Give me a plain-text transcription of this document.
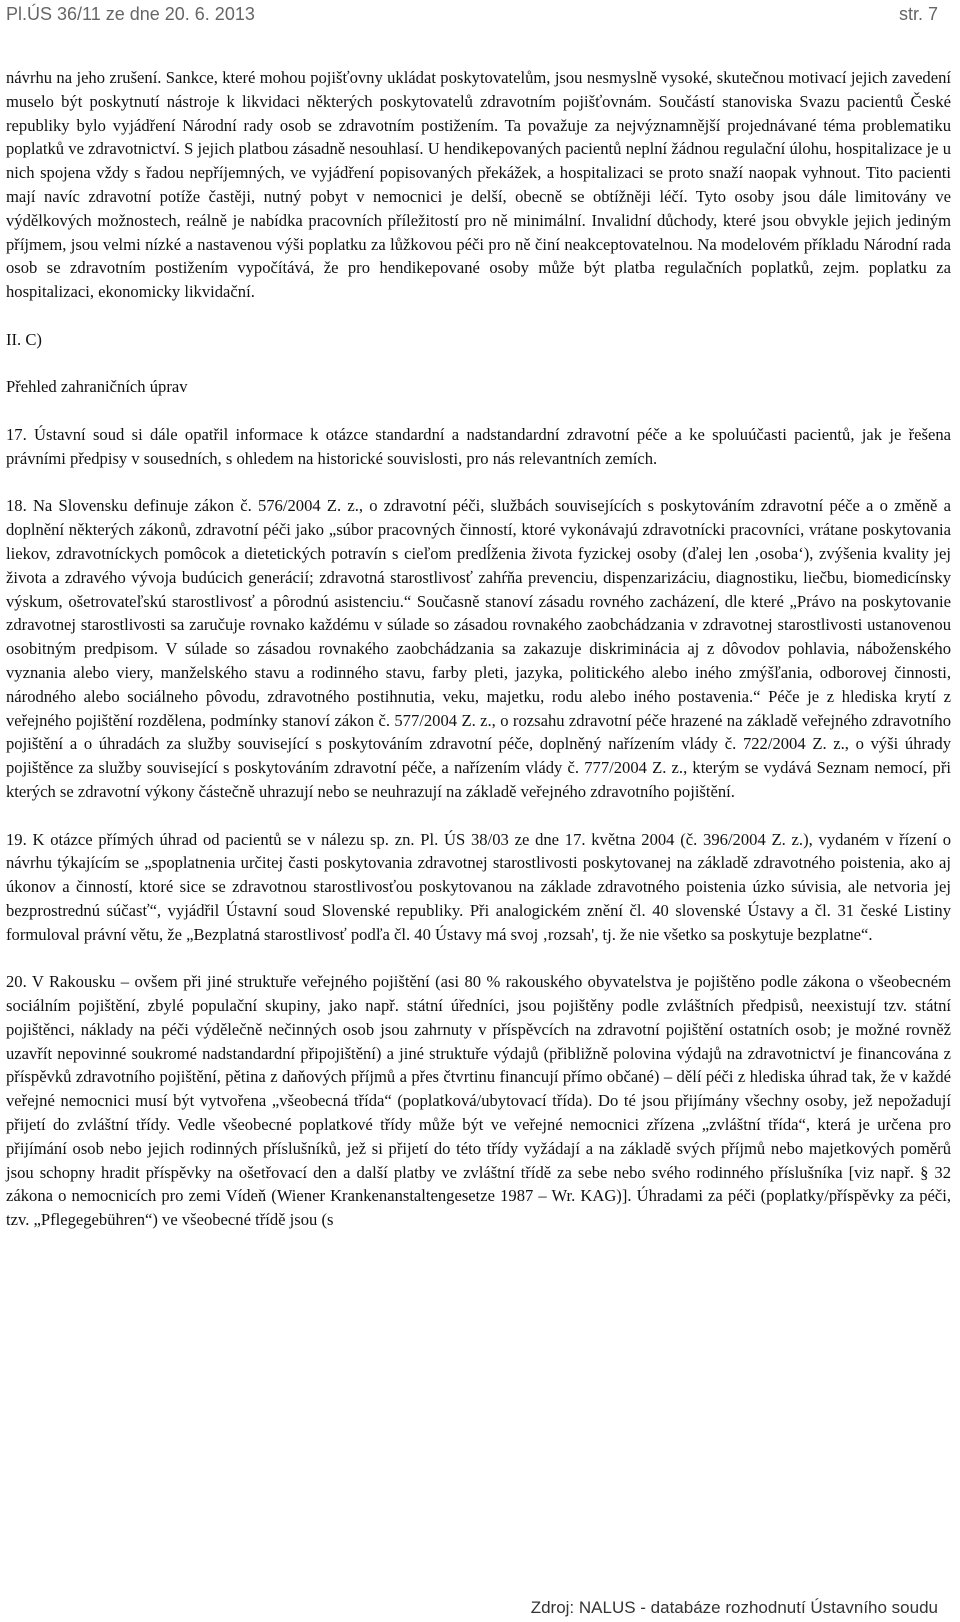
Pl.ÚS 36/11 ze dne 20. 6. 2013	str. 7

návrhu na jeho zrušení. Sankce, které mohou pojišťovny ukládat poskytovatelům, jsou nesmyslně vysoké, skutečnou motivací jejich zavedení muselo být poskytnutí nástroje k likvidaci některých poskytovatelů zdravotním pojišťovnám. Součástí stanoviska Svazu pacientů České republiky bylo vyjádření Národní rady osob se zdravotním postižením. Ta považuje za nejvýznamnější projednávané téma problematiku poplatků ve zdravotnictví. S jejich platbou zásadně nesouhlasí. U hendikepovaných pacientů neplní žádnou regulační úlohu, hospitalizace je u nich spojena vždy s řadou nepříjemných, ve vyjádření popisovaných překážek, a hospitalizaci se proto snaží naopak vyhnout. Tito pacienti mají navíc zdravotní potíže častěji, nutný pobyt v nemocnici je delší, obecně se obtížněji léčí. Tyto osoby jsou dále limitovány ve výdělkových možnostech, reálně je nabídka pracovních příležitostí pro ně minimální. Invalidní důchody, které jsou obvykle jejich jediným příjmem, jsou velmi nízké a nastavenou výši poplatku za lůžkovou péči pro ně činí neakceptovatelnou. Na modelovém příkladu Národní rada osob se zdravotním postižením vypočítává, že pro hendikepované osoby může být platba regulačních poplatků, zejm. poplatku za hospitalizaci, ekonomicky likvidační.

II. C)

Přehled zahraničních úprav

17. Ústavní soud si dále opatřil informace k otázce standardní a nadstandardní zdravotní péče a ke spoluúčasti pacientů, jak je řešena právními předpisy v sousedních, s ohledem na historické souvislosti, pro nás relevantních zemích.

18. Na Slovensku definuje zákon č. 576/2004 Z. z., o zdravotní péči, službách souvisejících s poskytováním zdravotní péče a o změně a doplnění některých zákonů, zdravotní péči jako „súbor pracovných činností, ktoré vykonávajú zdravotnícki pracovníci, vrátane poskytovania liekov, zdravotníckych pomôcok a dietetických potravín s cieľom predĺženia života fyzickej osoby (ďalej len ‚osoba‘), zvýšenia kvality jej života a zdravého vývoja budúcich generácií; zdravotná starostlivosť zahŕňa prevenciu, dispenzarizáciu, diagnostiku, liečbu, biomedicínsky výskum, ošetrovateľskú starostlivosť a pôrodnú asistenciu.“ Současně stanoví zásadu rovného zacházení, dle které „Právo na poskytovanie zdravotnej starostlivosti sa zaručuje rovnako každému v súlade so zásadou rovnakého zaobchádzania v zdravotnej starostlivosti ustanovenou osobitným predpisom. V súlade so zásadou rovnakého zaobchádzania sa zakazuje diskriminácia aj z dôvodov pohlavia, náboženského vyznania alebo viery, manželského stavu a rodinného stavu, farby pleti, jazyka, politického alebo iného zmýšľania, odborovej činnosti, národného alebo sociálneho pôvodu, zdravotného postihnutia, veku, majetku, rodu alebo iného postavenia.“ Péče je z hlediska krytí z veřejného pojištění rozdělena, podmínky stanoví zákon č. 577/2004 Z. z., o rozsahu zdravotní péče hrazené na základě veřejného zdravotního pojištění a o úhradách za služby související s poskytováním zdravotní péče, doplněný nařízením vlády č. 722/2004 Z. z., o výši úhrady pojištěnce za služby související s poskytováním zdravotní péče, a nařízením vlády č. 777/2004 Z. z., kterým se vydává Seznam nemocí, při kterých se zdravotní výkony částečně uhrazují nebo se neuhrazují na základě veřejného zdravotního pojištění.

19. K otázce přímých úhrad od pacientů se v nálezu sp. zn. Pl. ÚS 38/03 ze dne 17. května 2004 (č. 396/2004 Z. z.), vydaném v řízení o návrhu týkajícím se „spoplatnenia určitej časti poskytovania zdravotnej starostlivosti poskytovanej na základě zdravotného poistenia, ako aj úkonov a činností, ktoré sice se zdravotnou starostlivosťou poskytovanou na základe zdravotného poistenia úzko súvisia, ale netvoria jej bezprostrednú súčasť“, vyjádřil Ústavní soud Slovenské republiky. Při analogickém znění čl. 40 slovenské Ústavy a čl. 31 české Listiny formuloval právní větu, že „Bezplatná starostlivosť podľa čl. 40 Ústavy má svoj ‚rozsah', tj. že nie všetko sa poskytuje bezplatne“.

20. V Rakousku – ovšem při jiné struktuře veřejného pojištění (asi 80 % rakouského obyvatelstva je pojištěno podle zákona o všeobecném sociálním pojištění, zbylé populační skupiny, jako např. státní úředníci, jsou pojištěny podle zvláštních předpisů, neexistují tzv. státní pojištěnci, náklady na péči výdělečně nečinných osob jsou zahrnuty v příspěvcích na zdravotní pojištění ostatních osob; je možné rovněž uzavřít nepovinné soukromé nadstandardní připojištění) a jiné struktuře výdajů (přibližně polovina výdajů na zdravotnictví je financována z příspěvků zdravotního pojištění, pětina z daňových příjmů a přes čtvrtinu financují přímo občané) – dělí péči z hlediska úhrad tak, že v každé veřejné nemocnici musí být vytvořena „všeobecná třída“ (poplatková/ubytovací třída). Do té jsou přijímány všechny osoby, jež nepožadují přijetí do zvláštní třídy. Vedle všeobecné poplatkové třídy může být ve veřejné nemocnici zřízena „zvláštní třída“, která je určena pro přijímání osob nebo jejich rodinných příslušníků, jež si přijetí do této třídy vyžádají a na základě svých příjmů nebo majetkových poměrů jsou schopny hradit příspěvky na ošetřovací den a další platby ve zvláštní třídě za sebe nebo svého rodinného příslušníka [viz např. § 32 zákona o nemocnicích pro zemi Vídeň (Wiener Krankenanstaltengesetze 1987 – Wr. KAG)]. Úhradami za péči (poplatky/příspěvky za péči, tzv. „Pflegegebühren“) ve všeobecné třídě jsou (s

Zdroj: NALUS - databáze rozhodnutí Ústavního soudu
